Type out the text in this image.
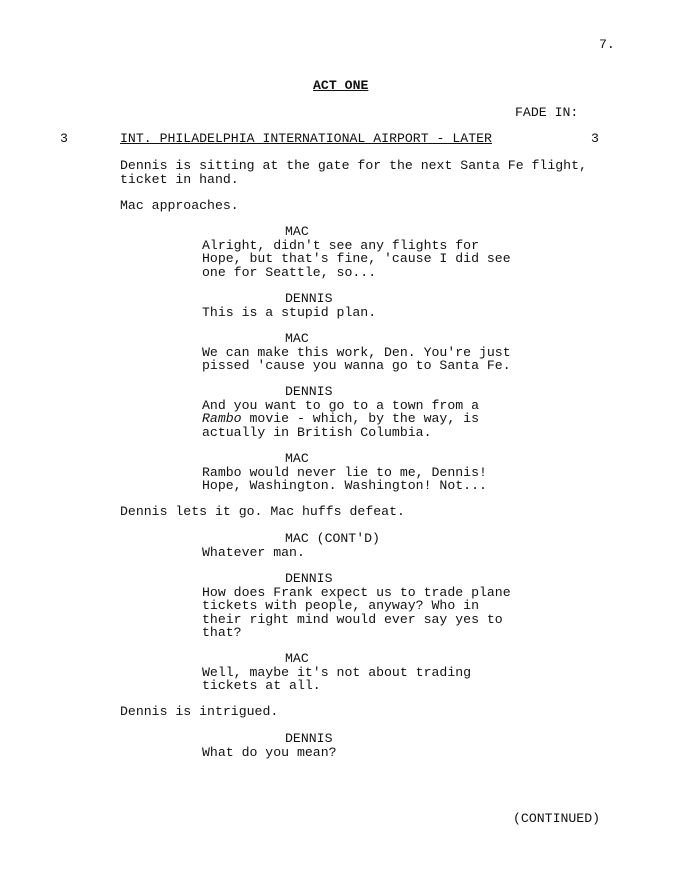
7.
ACT ONE
FADE IN:
3	INT. PHILADELPHIA INTERNATIONAL AIRPORT - LATER	3
Dennis is sitting at the gate for the next Santa Fe flight,
ticket in hand.
Mac approaches.
MAC
Alright, didn't see any flights for
Hope, but that's fine, 'cause I did see
one for Seattle, so...
DENNIS
This is a stupid plan.
MAC
We can make this work, Den. You're just
pissed 'cause you wanna go to Santa Fe.
DENNIS
And you want to go to a town from a
Rambo movie - which, by the way, is
actually in British Columbia.
MAC
Rambo would never lie to me, Dennis!
Hope, Washington. Washington! Not...
Dennis lets it go. Mac huffs defeat.
MAC (CONT'D)
Whatever man.
DENNIS
How does Frank expect us to trade plane
tickets with people, anyway? Who in
their right mind would ever say yes to
that?
MAC
Well, maybe it's not about trading
tickets at all.
Dennis is intrigued.
DENNIS
What do you mean?
(CONTINUED)
